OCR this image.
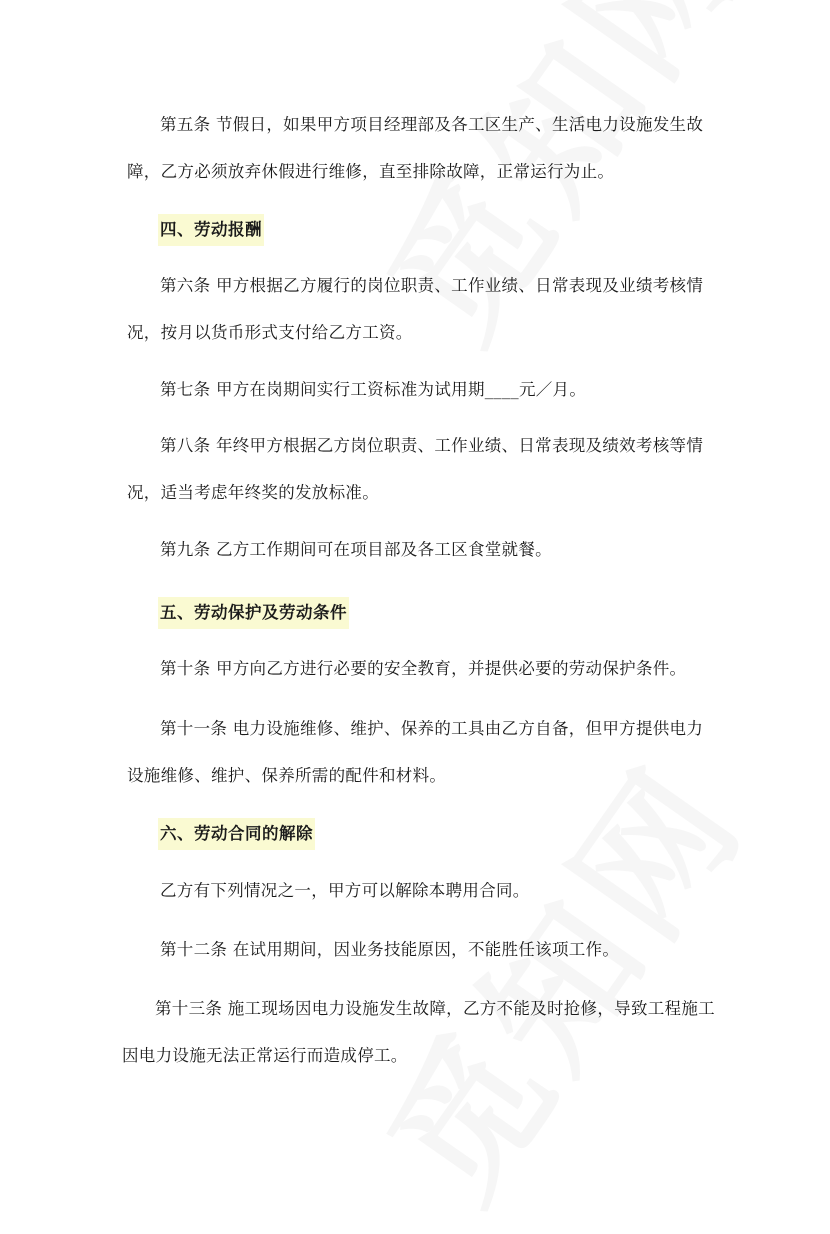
第五条 节假日，如果甲方项目经理部及各工区生产、生活电力设施发生故障，乙方必须放弃休假进行维修，直至排除故障，正常运行为止。

四、劳动报酬

第六条 甲方根据乙方履行的岗位职责、工作业绩、日常表现及业绩考核情况，按月以货币形式支付给乙方工资。

第七条 甲方在岗期间实行工资标准为试用期____元／月。

第八条 年终甲方根据乙方岗位职责、工作业绩、日常表现及绩效考核等情况，适当考虑年终奖的发放标准。

第九条 乙方工作期间可在项目部及各工区食堂就餐。

五、劳动保护及劳动条件

第十条 甲方向乙方进行必要的安全教育，并提供必要的劳动保护条件。

第十一条 电力设施维修、维护、保养的工具由乙方自备，但甲方提供电力设施维修、维护、保养所需的配件和材料。

六、劳动合同的解除

乙方有下列情况之一，甲方可以解除本聘用合同。

第十二条 在试用期间，因业务技能原因，不能胜任该项工作。

第十三条 施工现场因电力设施发生故障，乙方不能及时抢修，导致工程施工因电力设施无法正常运行而造成停工。
